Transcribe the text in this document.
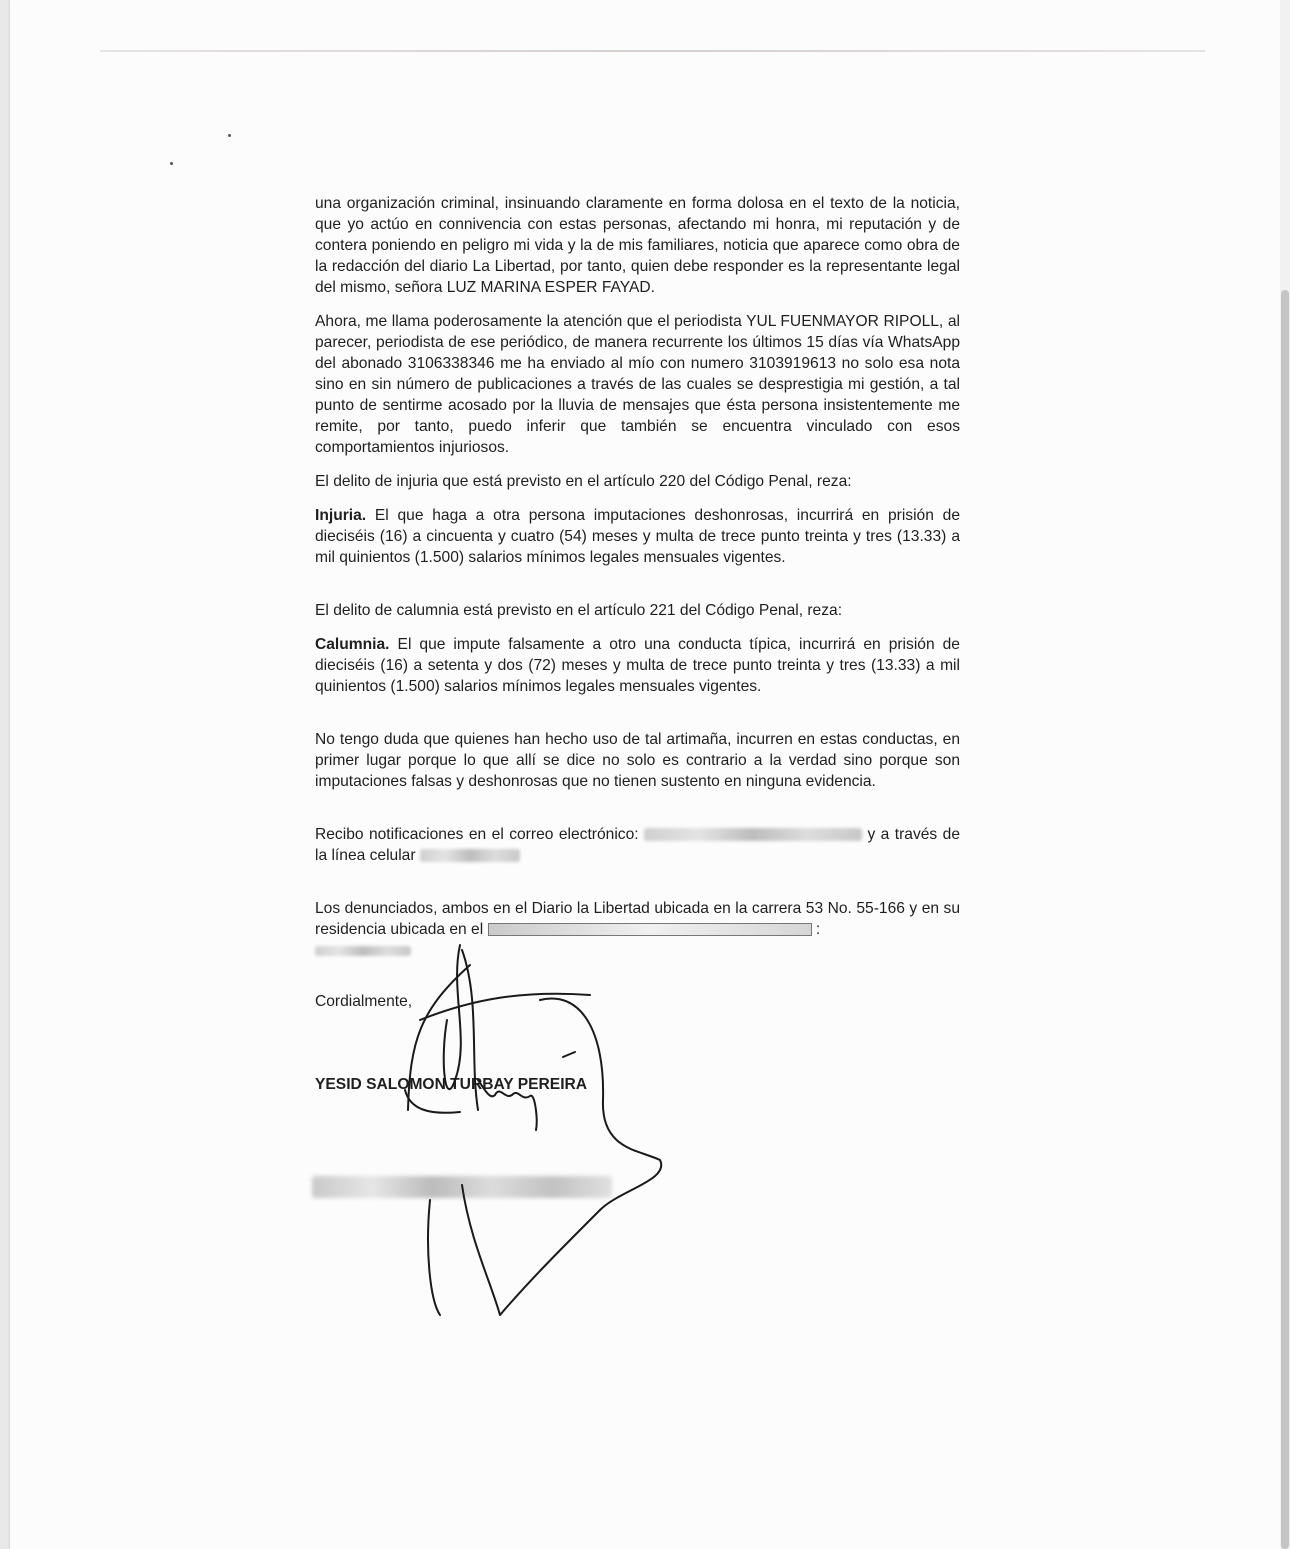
una organización criminal, insinuando claramente en forma dolosa en el texto de la noticia, que yo actúo en connivencia con estas personas, afectando mi honra, mi reputación y de contera poniendo en peligro mi vida y la de mis familiares, noticia que aparece como obra de la redacción del diario La Libertad, por tanto, quien debe responder es la representante legal del mismo, señora LUZ MARINA ESPER FAYAD.

Ahora, me llama poderosamente la atención que el periodista YUL FUENMAYOR RIPOLL, al parecer, periodista de ese periódico, de manera recurrente los últimos 15 días vía WhatsApp del abonado 3106338346 me ha enviado al mío con numero 3103919613 no solo esa nota sino en sin número de publicaciones a través de las cuales se desprestigia mi gestión, a tal punto de sentirme acosado por la lluvia de mensajes que ésta persona insistentemente me remite, por tanto, puedo inferir que también se encuentra vinculado con esos comportamientos injuriosos.

El delito de injuria que está previsto en el artículo 220 del Código Penal, reza:

Injuria. El que haga a otra persona imputaciones deshonrosas, incurrirá en prisión de dieciséis (16) a cincuenta y cuatro (54) meses y multa de trece punto treinta y tres (13.33) a mil quinientos (1.500) salarios mínimos legales mensuales vigentes.

El delito de calumnia está previsto en el artículo 221 del Código Penal, reza:

Calumnia. El que impute falsamente a otro una conducta típica, incurrirá en prisión de dieciséis (16) a setenta y dos (72) meses y multa de trece punto treinta y tres (13.33) a mil quinientos (1.500) salarios mínimos legales mensuales vigentes.

No tengo duda que quienes han hecho uso de tal artimaña, incurren en estas conductas, en primer lugar porque lo que allí se dice no solo es contrario a la verdad sino porque son imputaciones falsas y deshonrosas que no tienen sustento en ninguna evidencia.

Recibo notificaciones en el correo electrónico:	y a través de la línea celular

Los denunciados, ambos en el Diario la Libertad ubicada en la carrera 53 No. 55-166 y en su residencia ubicada en el	:

Cordialmente,

YESID SALOMON TURBAY PEREIRA
